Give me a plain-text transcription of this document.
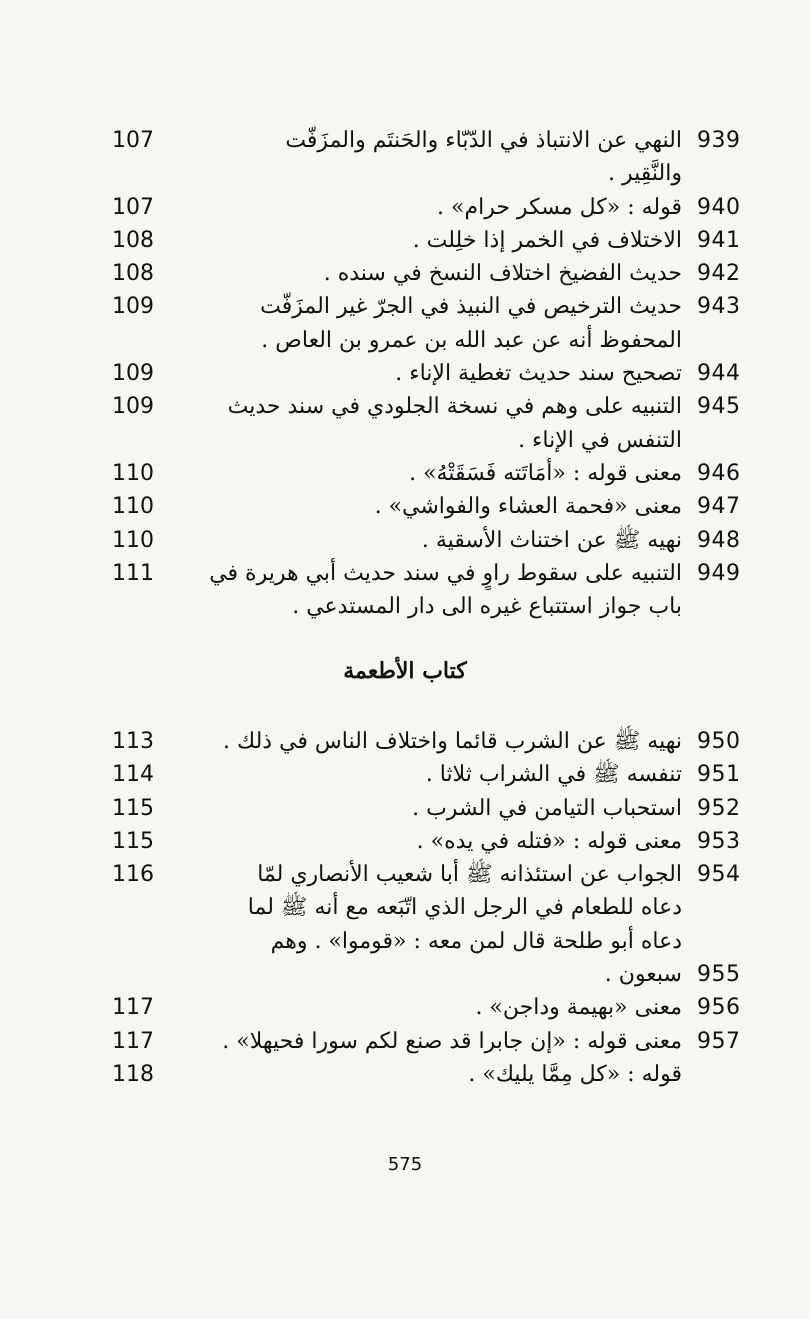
939
النهي عن الانتباذ في الدّبّاء والحَنتَم والمزَفّت
107
والنَّقِير .
940
قوله : «كل مسكر حرام» .
107
941
الاختلاف في الخمر إذا خلِلت .
108
942
حديث الفضيخ اختلاف النسخ في سنده .
108
943
حديث الترخيص في النبيذ في الجرّ غير المزَفّت
109
المحفوظ أنه عن عبد الله بن عمرو بن العاص .
944
تصحيح سند حديث تغطية الإناء .
109
945
التنبيه على وهم في نسخة الجلودي في سند حديث
109
التنفس في الإناء .
946
معنى قوله : «أَمَاتَته فَسَقَتْهُ» .
110
947
معنى «فحمة العشاء والفواشي» .
110
948
نهيه ﷺ عن اختناث الأسقية .
110
949
التنبيه على سقوط راوٍ في سند حديث أبي هريرة في
111
باب جواز استتباع غيره الى دار المستدعي .
كتاب الأطعمة
950
نهيه ﷺ عن الشرب قائما واختلاف الناس في ذلك .
113
951
تنفسه ﷺ في الشراب ثلاثا .
114
952
استحباب التيامن في الشرب .
115
953
معنى قوله : «فتله في يده» .
115
954
الجواب عن استئذانه ﷺ أبا شعيب الأنصاري لمّا
116
دعاه للطعام في الرجل الذي اتّبَعه مع أنه ﷺ لما
دعاه أبو طلحة قال لمن معه : «قوموا» . وهم
955
سبعون .
956
معنى «بهيمة وداجن» .
117
957
معنى قوله : «إن جابرا قد صنع لكم سورا فحيهلا» .
117
قوله : «كل مِمَّا يليك» .
118
575
